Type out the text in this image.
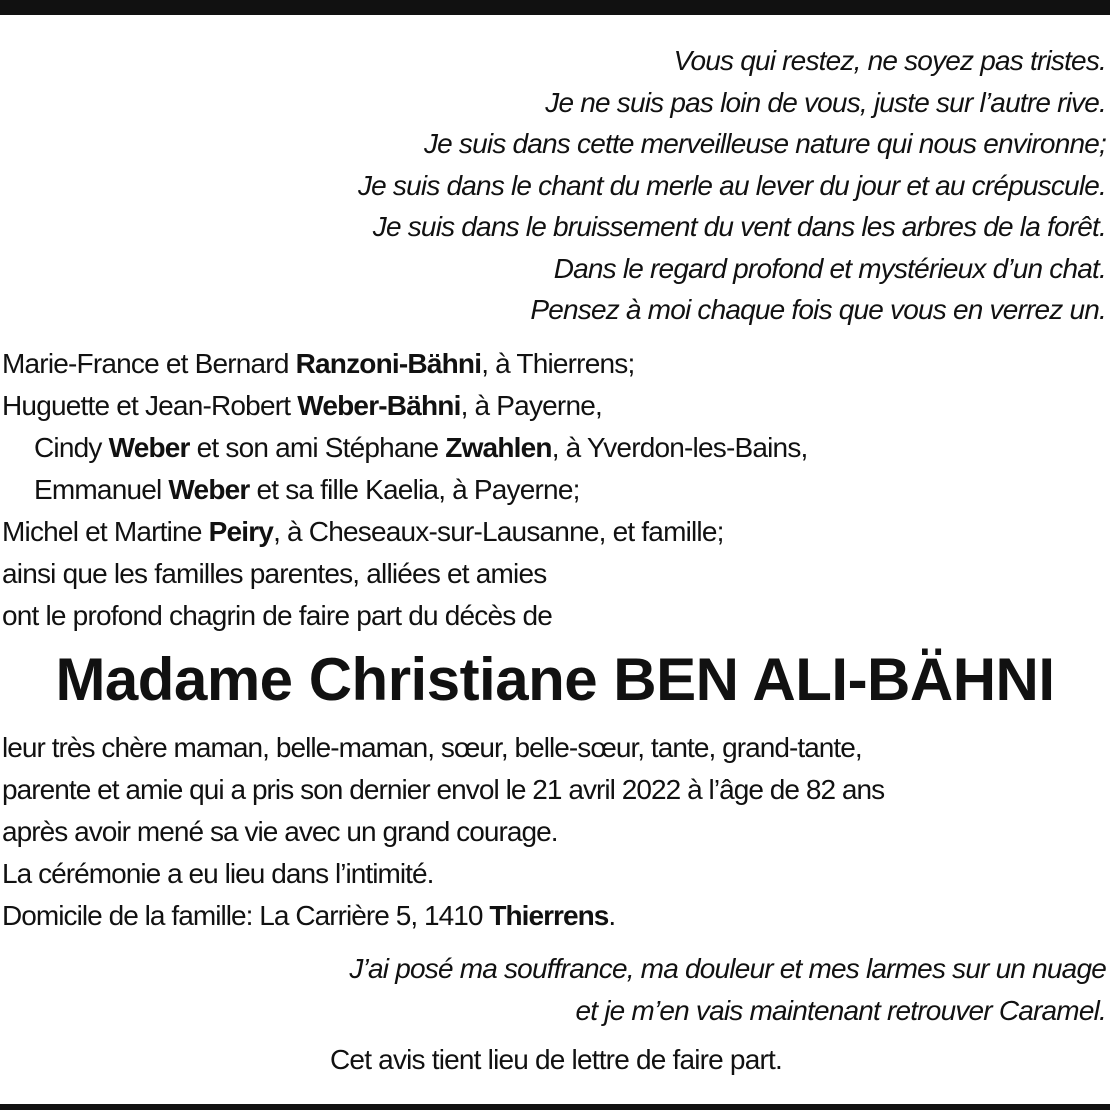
Vous qui restez, ne soyez pas tristes.
Je ne suis pas loin de vous, juste sur l’autre rive.
Je suis dans cette merveilleuse nature qui nous environne;
Je suis dans le chant du merle au lever du jour et au crépuscule.
Je suis dans le bruissement du vent dans les arbres de la forêt.
Dans le regard profond et mystérieux d’un chat.
Pensez à moi chaque fois que vous en verrez un.
Marie-France et Bernard Ranzoni-Bähni, à Thierrens;
Huguette et Jean-Robert Weber-Bähni, à Payerne,
Cindy Weber et son ami Stéphane Zwahlen, à Yverdon-les-Bains,
Emmanuel Weber et sa fille Kaelia, à Payerne;
Michel et Martine Peiry, à Cheseaux-sur-Lausanne, et famille;
ainsi que les familles parentes, alliées et amies
ont le profond chagrin de faire part du décès de
Madame Christiane BEN ALI-BÄHNI
leur très chère maman, belle-maman, sœur, belle-sœur, tante, grand-tante,
parente et amie qui a pris son dernier envol le 21 avril 2022 à l’âge de 82 ans
après avoir mené sa vie avec un grand courage.
La cérémonie a eu lieu dans l’intimité.
Domicile de la famille: La Carrière 5, 1410 Thierrens.
J’ai posé ma souffrance, ma douleur et mes larmes sur un nuage
et je m’en vais maintenant retrouver Caramel.
Cet avis tient lieu de lettre de faire part.
